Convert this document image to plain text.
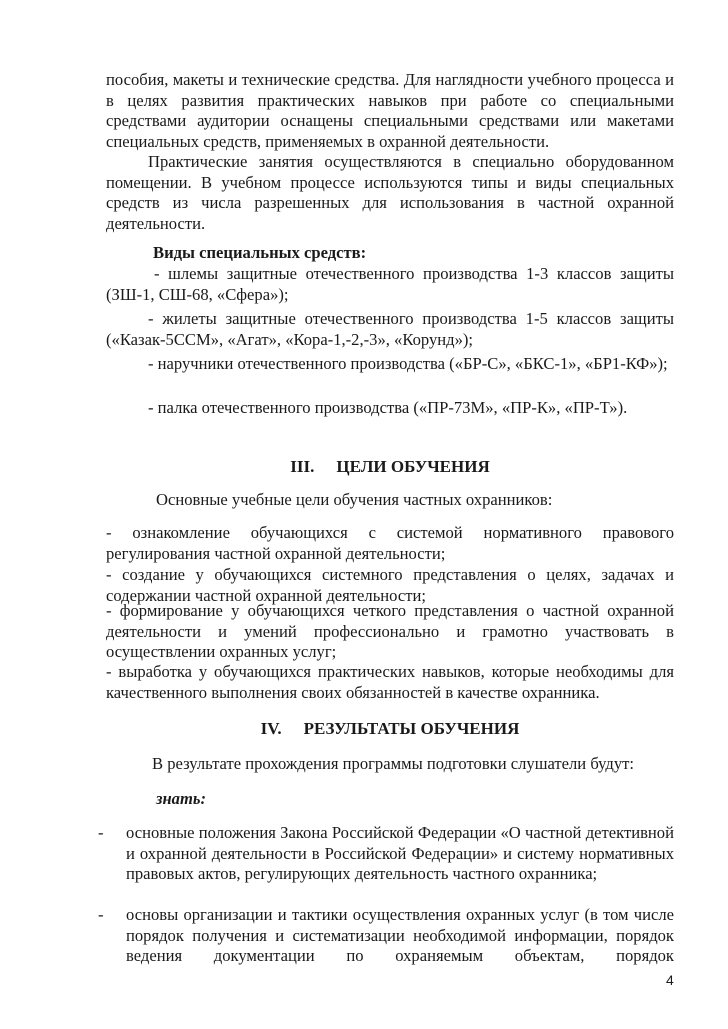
пособия, макеты и технические средства. Для наглядности учебного процесса и в целях развития практических навыков при работе со специальными средствами аудитории оснащены специальными средствами или макетами специальных средств, применяемых в охранной деятельности.
Практические занятия осуществляются в специально оборудованном помещении. В учебном процессе используются типы и виды специальных средств из числа разрешенных для использования в частной охранной деятельности.
Виды специальных средств:
- шлемы защитные отечественного производства 1-3 классов защиты (ЗШ-1, СШ-68, «Сфера»);
- жилеты защитные отечественного производства 1-5 классов защиты («Казак-5ССМ», «Агат», «Кора-1,-2,-3», «Корунд»);
- наручники отечественного производства («БР-С», «БКС-1», «БР1-КФ»);
- палка отечественного производства («ПР-73М», «ПР-К», «ПР-Т»).
III. ЦЕЛИ ОБУЧЕНИЯ
Основные учебные цели обучения частных охранников:
- ознакомление обучающихся с системой нормативного правового регулирования частной охранной деятельности;
- создание у обучающихся системного представления о целях, задачах и содержании частной охранной деятельности;
- формирование у обучающихся четкого представления о частной охранной деятельности и умений профессионально и грамотно участвовать в осуществлении охранных услуг;
- выработка у обучающихся практических навыков, которые необходимы для качественного выполнения своих обязанностей в качестве охранника.
IV. РЕЗУЛЬТАТЫ ОБУЧЕНИЯ
В результате прохождения программы подготовки слушатели будут:
знать:
-	основные положения Закона Российской Федерации «О частной детективной и охранной деятельности в Российской Федерации» и систему нормативных правовых актов, регулирующих деятельность частного охранника;
-	основы организации и тактики осуществления охранных услуг (в том числе порядок получения и систематизации необходимой информации, порядок ведения документации по охраняемым объектам, порядок
4
